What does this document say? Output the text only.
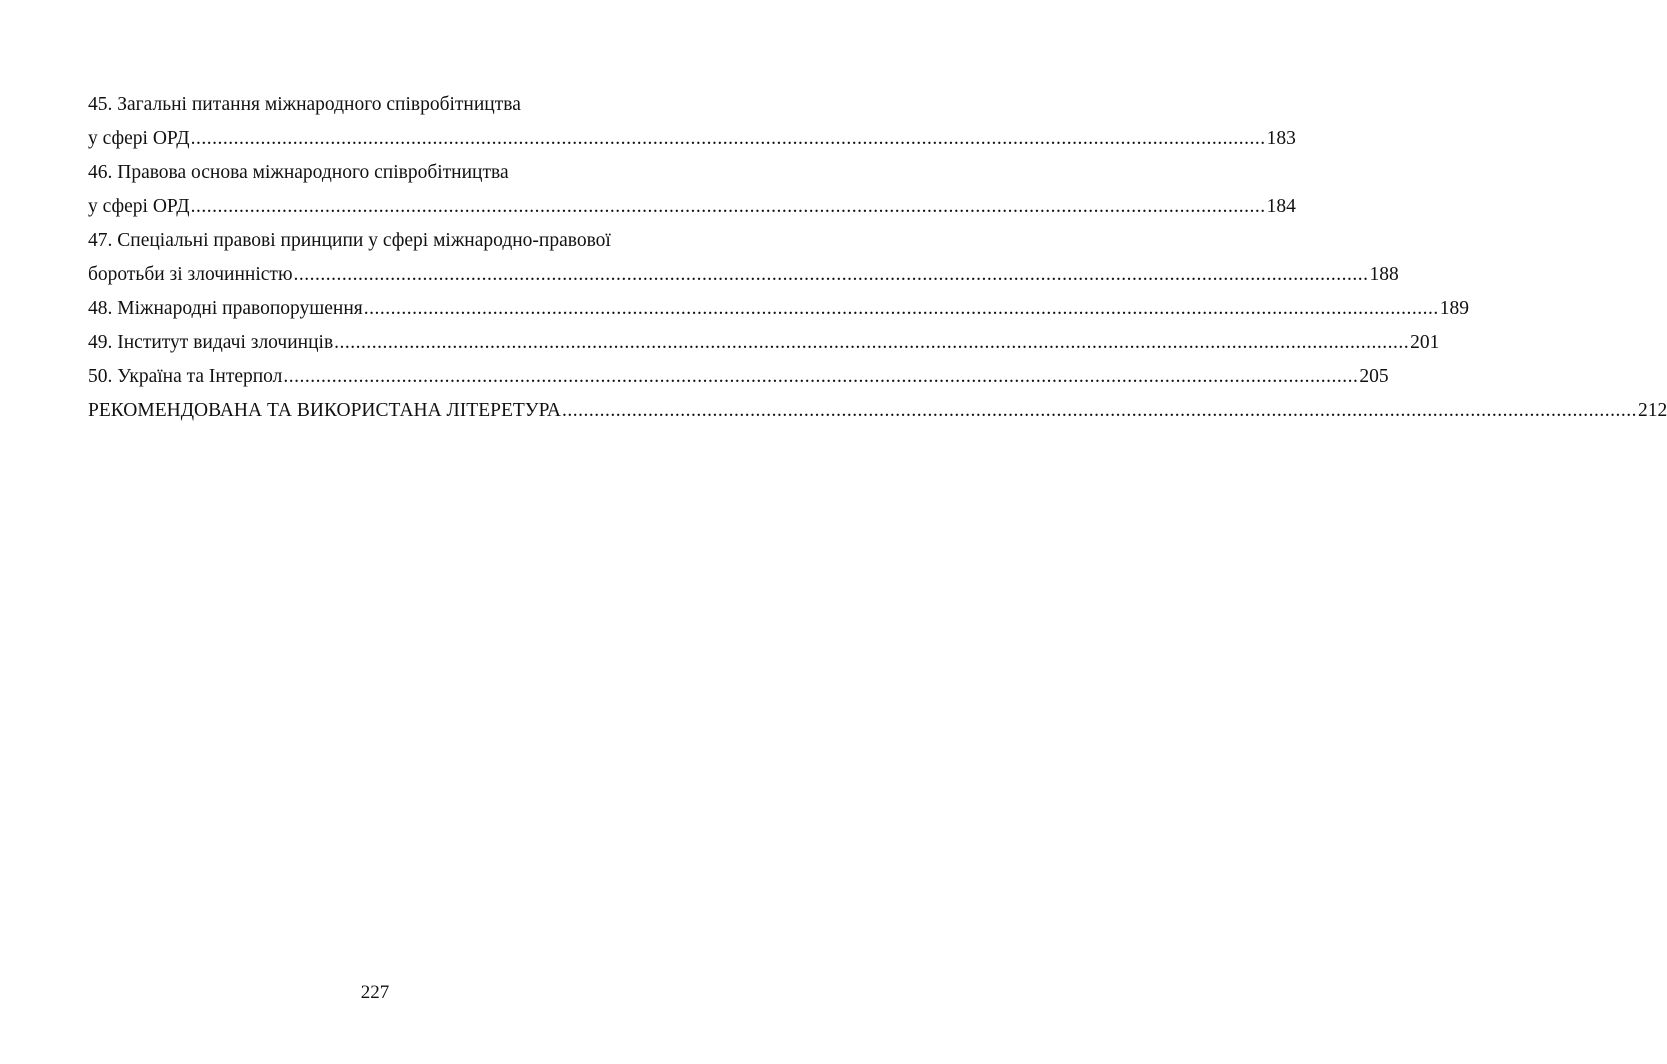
45. Загальні питання міжнародного співробітництва
у сфері ОРД ........................................................................................................................................................................................................ 183
46. Правова основа міжнародного співробітництва
у сфері ОРД ........................................................................................................................................................................................................ 184
47. Спеціальні правові принципи у сфері міжнародно-правової
боротьби зі злочинністю ........................................................................................................................................................................................................ 188
48. Міжнародні правопорушення ........................................................................................................................................................................................................ 189
49. Інститут видачі злочинців ........................................................................................................................................................................................................ 201
50. Україна та Інтерпол ........................................................................................................................................................................................................ 205
РЕКОМЕНДОВАНА ТА ВИКОРИСТАНА ЛІТЕРЕТУРА ........................................................................................................................................................................................................ 212
227
